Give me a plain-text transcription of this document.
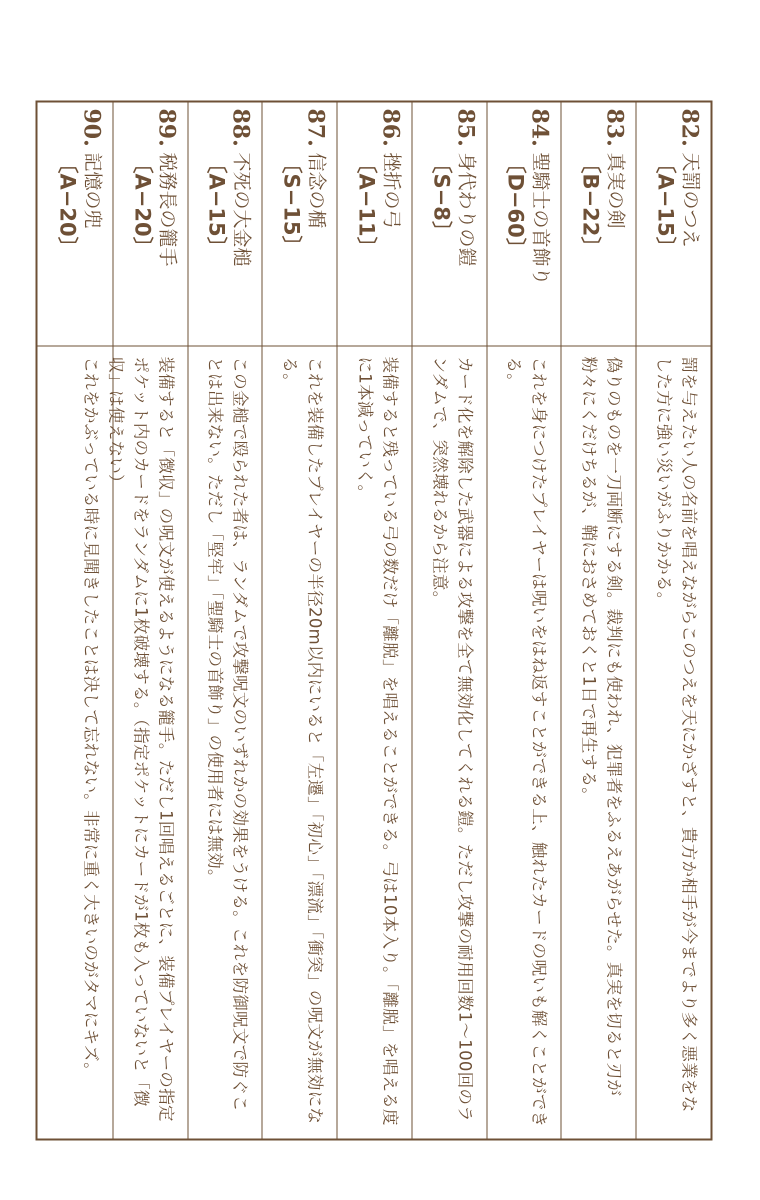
82.
天罰のつえ
〔A−15〕
罰を与えたい人の名前を唱えながらこのつえを天にかざすと、貴方か相手が今までより多く悪業をなした方に強い災いがふりかかる。
83.
真実の剣
〔B−22〕
偽りのものを一刀両断にする剣。裁判にも使われ、犯罪者をふるえあがらせた。真実を切ると刃が粉々にくだけちるが、鞘におさめておくと1日で再生する。
84.
聖騎士の首飾り
〔D−60〕
これを身につけたプレイヤーは呪いをはね返すことができる上、触れたカードの呪いも解くことができる。
85.
身代わりの鎧
〔S−8〕
カード化を解除した武器による攻撃を全て無効化してくれる鎧。ただし攻撃の耐用回数1～100回のランダムで、突然壊れるから注意。
86.
挫折の弓
〔A−11〕
装備すると残っている弓の数だけ「離脱」を唱えることができる。弓は10本入り。「離脱」を唱える度に1本減っていく。
87.
信念の楯
〔S−15〕
これを装備したプレイヤーの半径20m以内にいると「左遷」「初心」「漂流」「衝突」の呪文が無効になる。
88.
不死の大金槌
〔A−15〕
この金槌で殴られた者は、ランダムで攻撃呪文のいずれかの効果をうける。これを防御呪文で防ぐことは出来ない。ただし「堅牢」「聖騎士の首飾り」の使用者には無効。
89.
税務長の籠手
〔A−20〕
装備すると「徴収」の呪文が使えるようになる籠手。ただし1回唱えるごとに、装備プレイヤーの指定ポケット内のカードをランダムに1枚破壊する。（指定ポケットにカードが1枚も入っていないと「徴収」は使えない）
90.
記憶の兜
〔A−20〕
これをかぶっている時に見聞きしたことは決して忘れない。非常に重く大きいのがタマにキズ。
